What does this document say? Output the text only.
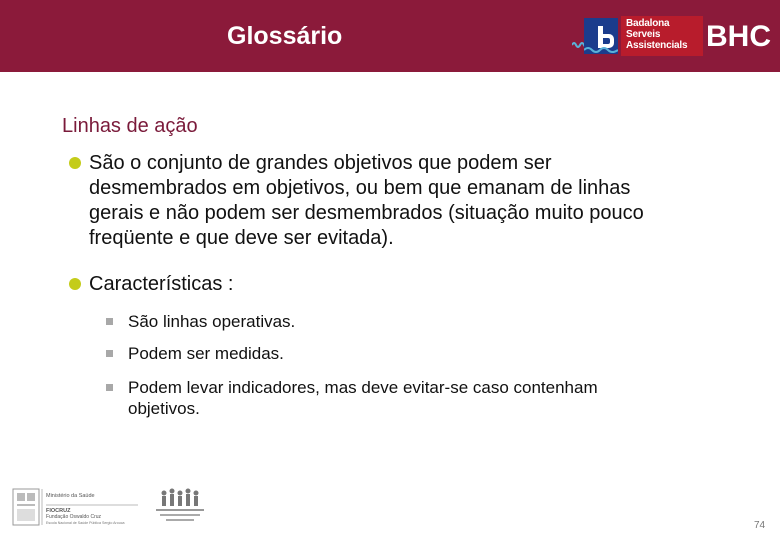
Glossário	Badalona
Serveis
Assistencials BHC
Linhas de ação
São o conjunto de grandes objetivos que podem ser
desmembrados em objetivos, ou bem que emanam de linhas
gerais e não podem ser desmembrados (situação muito pouco
freqüente e que deve ser evitada).
Características :
São linhas operativas.
Podem ser medidas.
Podem levar indicadores, mas deve evitar-se caso contenham
objetivos.
Ministério da Saúde
FIOCRUZ
Fundação Oswaldo Cruz
Escola Nacional de Saúde Pública Sergio Arouca	74
